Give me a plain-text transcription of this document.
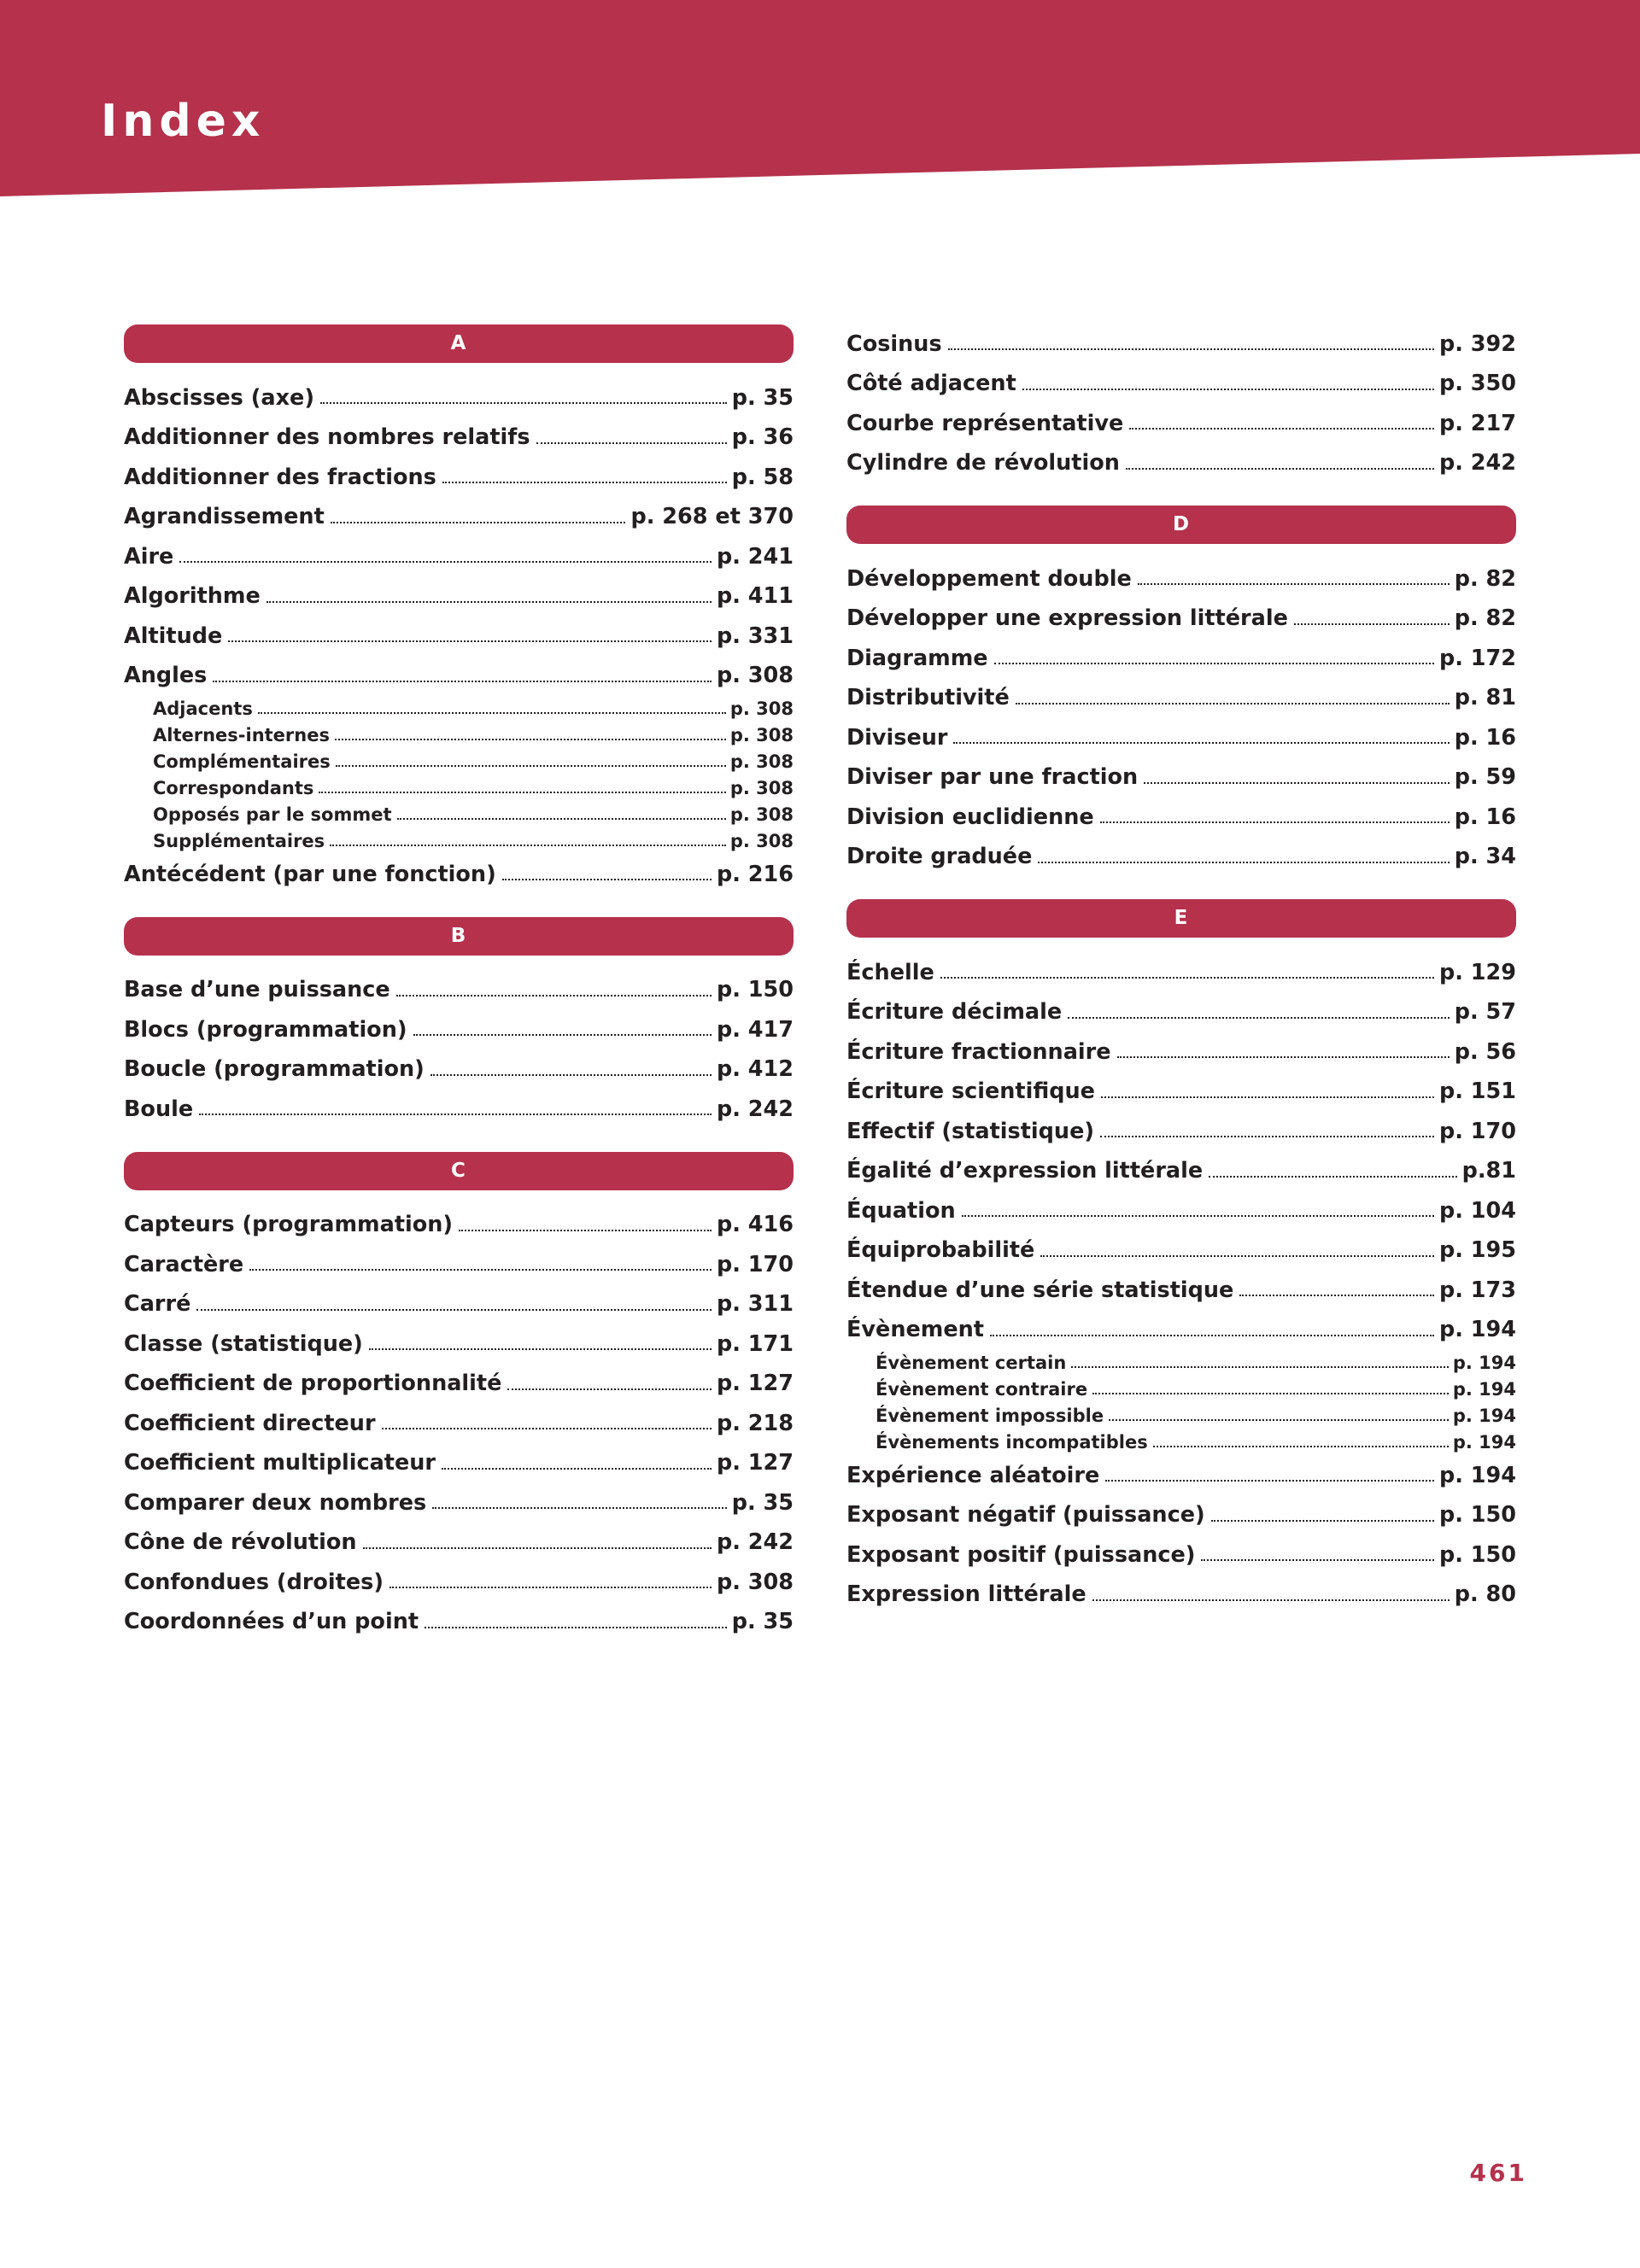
Index
A
Abscisses (axe)	p. 35
Additionner des nombres relatifs	p. 36
Additionner des fractions	p. 58
Agrandissement	p. 268 et 370
Aire	p. 241
Algorithme	p. 411
Altitude	p. 331
Angles	p. 308
Adjacents	p. 308
Alternes-internes	p. 308
Complémentaires	p. 308
Correspondants	p. 308
Opposés par le sommet	p. 308
Supplémentaires	p. 308
Antécédent (par une fonction)	p. 216
B
Base d’une puissance	p. 150
Blocs (programmation)	p. 417
Boucle (programmation)	p. 412
Boule	p. 242
C
Capteurs (programmation)	p. 416
Caractère	p. 170
Carré	p. 311
Classe (statistique)	p. 171
Coefficient de proportionnalité	p. 127
Coefficient directeur	p. 218
Coefficient multiplicateur	p. 127
Comparer deux nombres	p. 35
Cône de révolution	p. 242
Confondues (droites)	p. 308
Coordonnées d’un point	p. 35
Cosinus	p. 392
Côté adjacent	p. 350
Courbe représentative	p. 217
Cylindre de révolution	p. 242
D
Développement double	p. 82
Développer une expression littérale	p. 82
Diagramme	p. 172
Distributivité	p. 81
Diviseur	p. 16
Diviser par une fraction	p. 59
Division euclidienne	p. 16
Droite graduée	p. 34
E
Échelle	p. 129
Écriture décimale	p. 57
Écriture fractionnaire	p. 56
Écriture scientifique	p. 151
Effectif (statistique)	p. 170
Égalité d’expression littérale	p.81
Équation	p. 104
Équiprobabilité	p. 195
Étendue d’une série statistique	p. 173
Évènement	p. 194
Évènement certain	p. 194
Évènement contraire	p. 194
Évènement impossible	p. 194
Évènements incompatibles	p. 194
Expérience aléatoire	p. 194
Exposant négatif (puissance)	p. 150
Exposant positif (puissance)	p. 150
Expression littérale	p. 80
461
